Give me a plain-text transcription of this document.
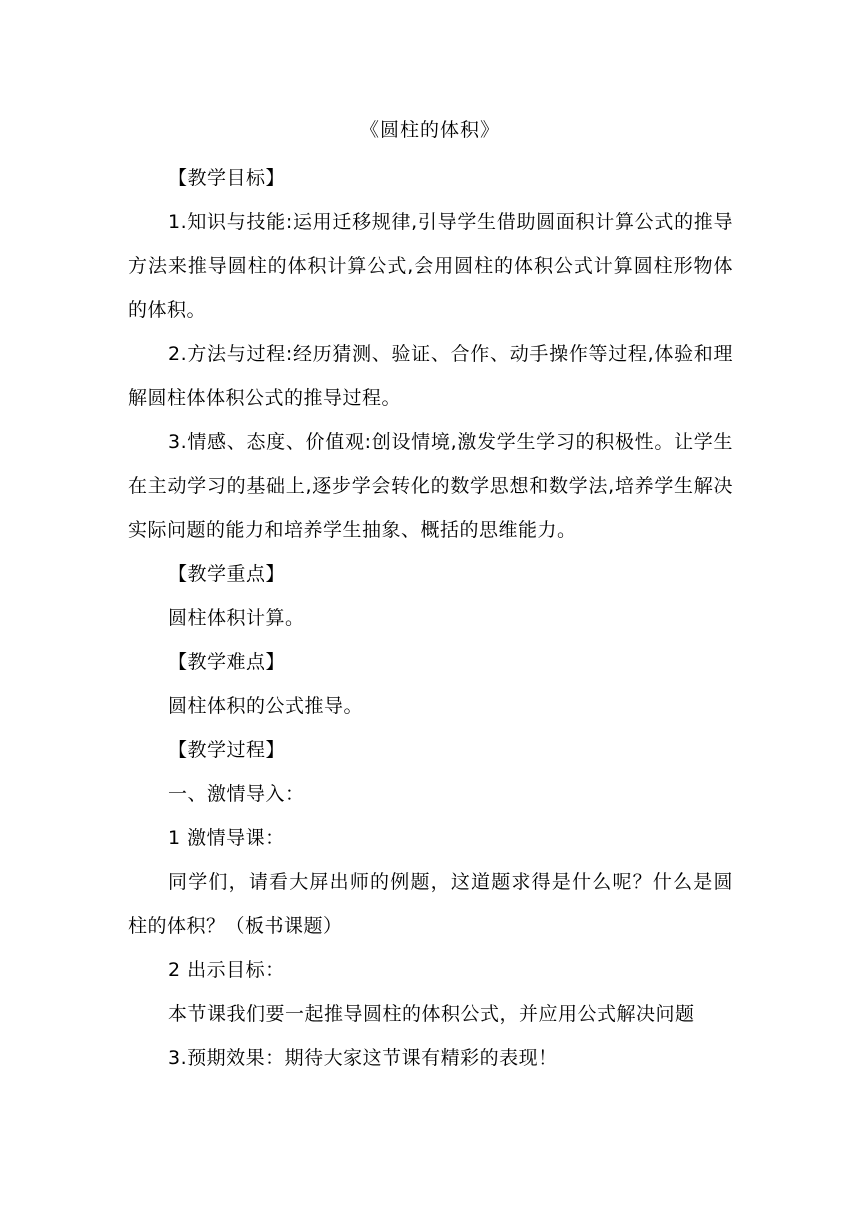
《圆柱的体积》

【教学目标】

1.知识与技能:运用迁移规律,引导学生借助圆面积计算公式的推导方法来推导圆柱的体积计算公式,会用圆柱的体积公式计算圆柱形物体的体积。

2.方法与过程:经历猜测、验证、合作、动手操作等过程,体验和理解圆柱体体积公式的推导过程。

3.情感、态度、价值观:创设情境,激发学生学习的积极性。让学生在主动学习的基础上,逐步学会转化的数学思想和数学法,培养学生解决实际问题的能力和培养学生抽象、概括的思维能力。

【教学重点】

圆柱体积计算。

【教学难点】

圆柱体积的公式推导。

【教学过程】

一、激情导入：

1 激情导课：

同学们，请看大屏出师的例题，这道题求得是什么呢？什么是圆柱的体积？（板书课题）

2 出示目标：

本节课我们要一起推导圆柱的体积公式，并应用公式解决问题

3.预期效果：期待大家这节课有精彩的表现！
